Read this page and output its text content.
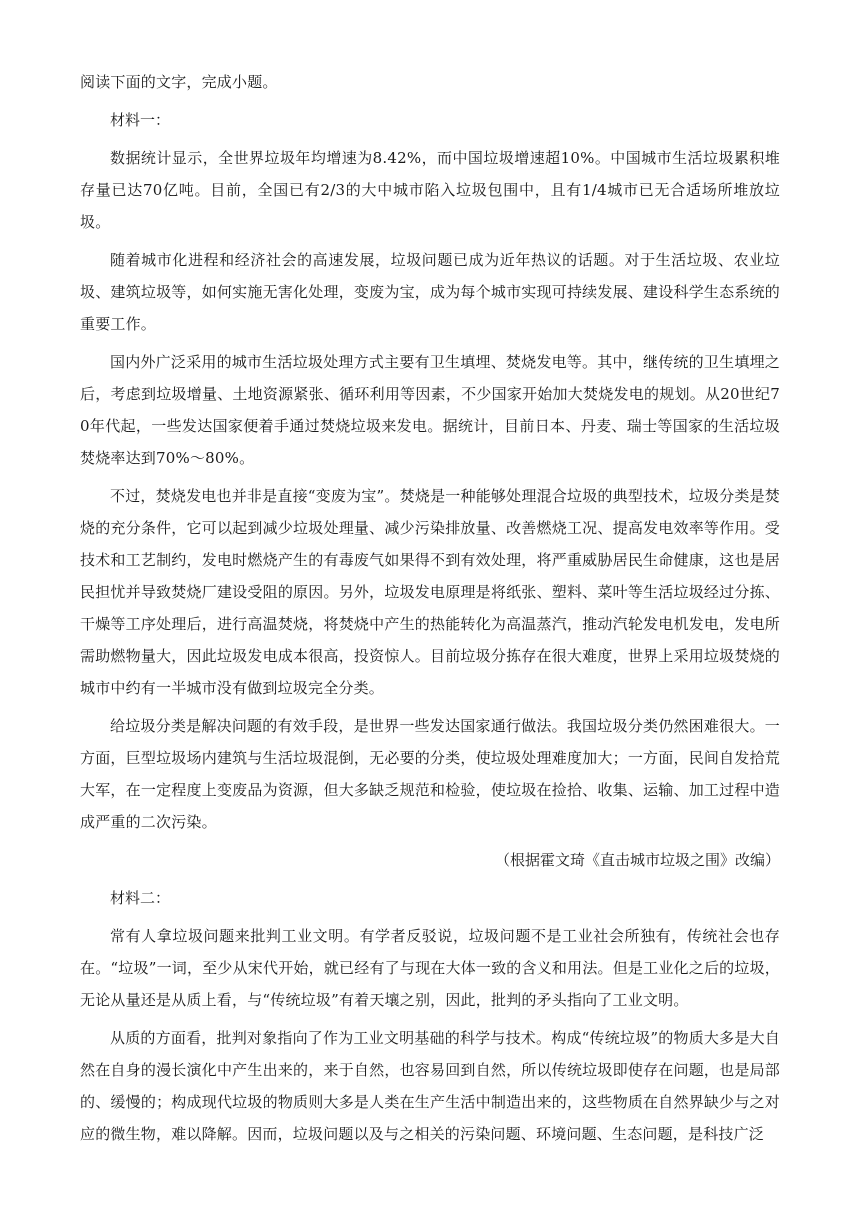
阅读下面的文字，完成小题。

材料一：

数据统计显示，全世界垃圾年均增速为8.42%，而中国垃圾增速超10%。中国城市生活垃圾累积堆存量已达70亿吨。目前，全国已有2/3的大中城市陷入垃圾包围中，且有1/4城市已无合适场所堆放垃圾。

随着城市化进程和经济社会的高速发展，垃圾问题已成为近年热议的话题。对于生活垃圾、农业垃圾、建筑垃圾等，如何实施无害化处理，变废为宝，成为每个城市实现可持续发展、建设科学生态系统的重要工作。

国内外广泛采用的城市生活垃圾处理方式主要有卫生填埋、焚烧发电等。其中，继传统的卫生填埋之后，考虑到垃圾增量、土地资源紧张、循环利用等因素，不少国家开始加大焚烧发电的规划。从20世纪70年代起，一些发达国家便着手通过焚烧垃圾来发电。据统计，目前日本、丹麦、瑞士等国家的生活垃圾焚烧率达到70%～80%。

不过，焚烧发电也并非是直接“变废为宝”。焚烧是一种能够处理混合垃圾的典型技术，垃圾分类是焚烧的充分条件，它可以起到减少垃圾处理量、减少污染排放量、改善燃烧工况、提高发电效率等作用。受技术和工艺制约，发电时燃烧产生的有毒废气如果得不到有效处理，将严重威胁居民生命健康，这也是居民担忧并导致焚烧厂建设受阻的原因。另外，垃圾发电原理是将纸张、塑料、菜叶等生活垃圾经过分拣、干燥等工序处理后，进行高温焚烧，将焚烧中产生的热能转化为高温蒸汽，推动汽轮发电机发电，发电所需助燃物量大，因此垃圾发电成本很高，投资惊人。目前垃圾分拣存在很大难度，世界上采用垃圾焚烧的城市中约有一半城市没有做到垃圾完全分类。

给垃圾分类是解决问题的有效手段，是世界一些发达国家通行做法。我国垃圾分类仍然困难很大。一方面，巨型垃圾场内建筑与生活垃圾混倒，无必要的分类，使垃圾处理难度加大；一方面，民间自发拾荒大军，在一定程度上变废品为资源，但大多缺乏规范和检验，使垃圾在捡拾、收集、运输、加工过程中造成严重的二次污染。

（根据霍文琦《直击城市垃圾之围》改编）

材料二：

常有人拿垃圾问题来批判工业文明。有学者反驳说，垃圾问题不是工业社会所独有，传统社会也存在。“垃圾”一词，至少从宋代开始，就已经有了与现在大体一致的含义和用法。但是工业化之后的垃圾，无论从量还是从质上看，与“传统垃圾”有着天壤之别，因此，批判的矛头指向了工业文明。

从质的方面看，批判对象指向了作为工业文明基础的科学与技术。构成“传统垃圾”的物质大多是大自然在自身的漫长演化中产生出来的，来于自然，也容易回到自然，所以传统垃圾即使存在问题，也是局部的、缓慢的；构成现代垃圾的物质则大多是人类在生产生活中制造出来的，这些物质在自然界缺少与之对应的微生物，难以降解。因而，垃圾问题以及与之相关的污染问题、环境问题、生态问题，是科技广泛
